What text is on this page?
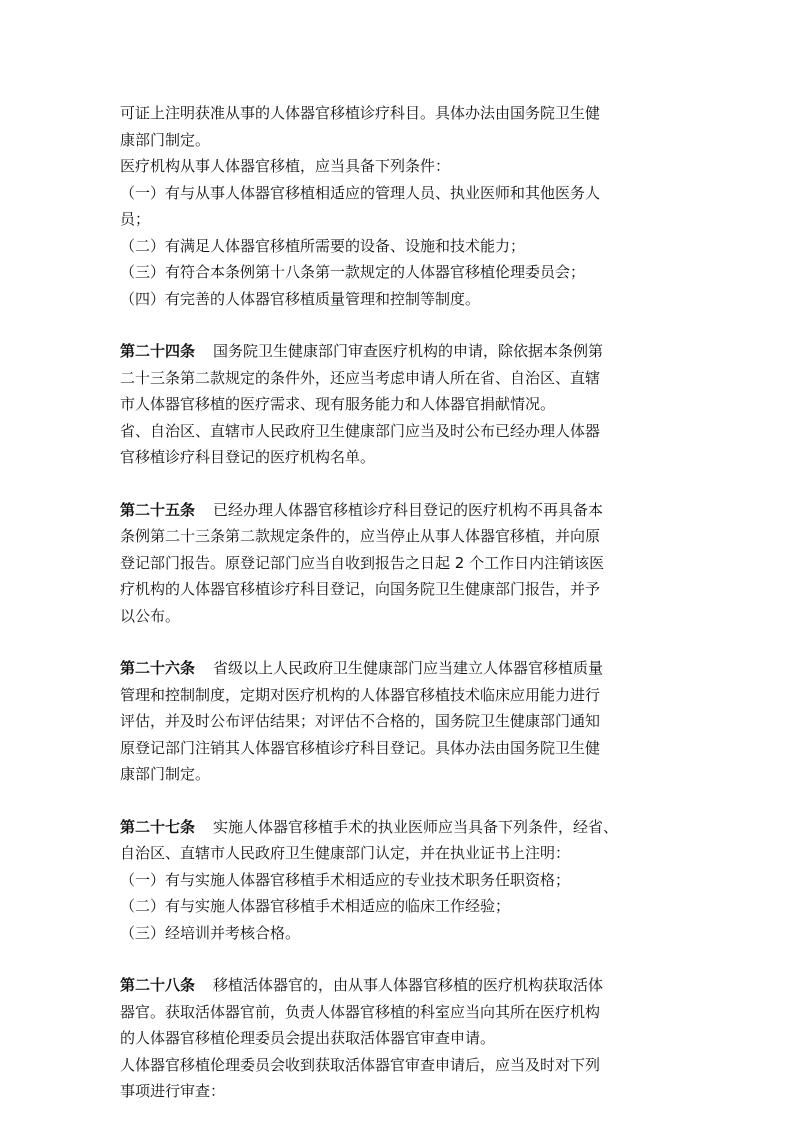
可证上注明获准从事的人体器官移植诊疗科目。具体办法由国务院卫生健
康部门制定。
医疗机构从事人体器官移植，应当具备下列条件：
（一）有与从事人体器官移植相适应的管理人员、执业医师和其他医务人
员；
（二）有满足人体器官移植所需要的设备、设施和技术能力；
（三）有符合本条例第十八条第一款规定的人体器官移植伦理委员会；
（四）有完善的人体器官移植质量管理和控制等制度。
第二十四条 国务院卫生健康部门审查医疗机构的申请，除依据本条例第
二十三条第二款规定的条件外，还应当考虑申请人所在省、自治区、直辖
市人体器官移植的医疗需求、现有服务能力和人体器官捐献情况。
省、自治区、直辖市人民政府卫生健康部门应当及时公布已经办理人体器
官移植诊疗科目登记的医疗机构名单。
第二十五条 已经办理人体器官移植诊疗科目登记的医疗机构不再具备本
条例第二十三条第二款规定条件的，应当停止从事人体器官移植，并向原
登记部门报告。原登记部门应当自收到报告之日起 2 个工作日内注销该医
疗机构的人体器官移植诊疗科目登记，向国务院卫生健康部门报告，并予
以公布。
第二十六条 省级以上人民政府卫生健康部门应当建立人体器官移植质量
管理和控制制度，定期对医疗机构的人体器官移植技术临床应用能力进行
评估，并及时公布评估结果；对评估不合格的，国务院卫生健康部门通知
原登记部门注销其人体器官移植诊疗科目登记。具体办法由国务院卫生健
康部门制定。
第二十七条 实施人体器官移植手术的执业医师应当具备下列条件，经省、
自治区、直辖市人民政府卫生健康部门认定，并在执业证书上注明：
（一）有与实施人体器官移植手术相适应的专业技术职务任职资格；
（二）有与实施人体器官移植手术相适应的临床工作经验；
（三）经培训并考核合格。
第二十八条 移植活体器官的，由从事人体器官移植的医疗机构获取活体
器官。获取活体器官前，负责人体器官移植的科室应当向其所在医疗机构
的人体器官移植伦理委员会提出获取活体器官审查申请。
人体器官移植伦理委员会收到获取活体器官审查申请后，应当及时对下列
事项进行审查：
